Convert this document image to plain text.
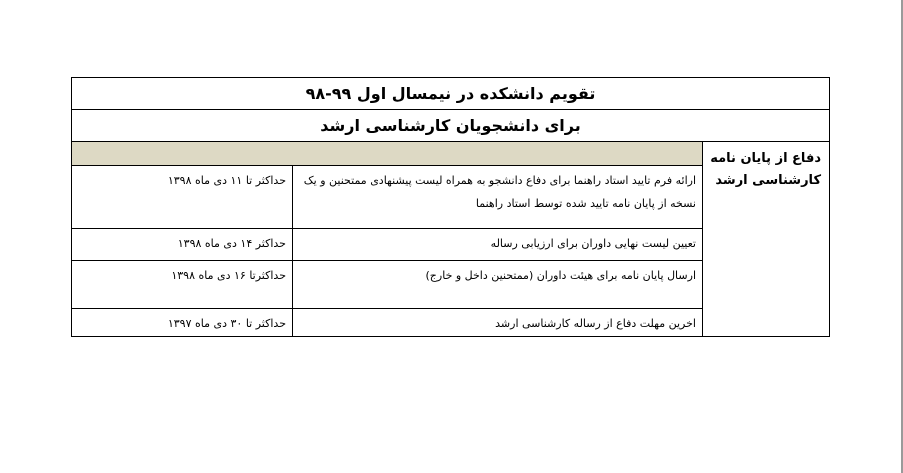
تقویم دانشکده در نیمسال اول ۹۹-۹۸		
برای دانشجویان کارشناسی ارشد		
دفاع از پایان نامه کارشناسی ارشد		
	ارائه فرم تایید استاد راهنما برای دفاع دانشجو به همراه لیست پیشنهادی ممتحنین و یک نسخه از پایان نامه تایید شده توسط استاد راهنما	حداکثر تا ۱۱ دی ماه ۱۳۹۸
	تعیین لیست نهایی داوران برای ارزیابی رساله	حداکثر ۱۴ دی ماه ۱۳۹۸
	ارسال پایان نامه برای هیئت داوران (ممتحنین داخل و خارج)	حداکثرتا ۱۶ دی ماه ۱۳۹۸
	اخرین مهلت دفاع از رساله کارشناسی ارشد	حداکثر تا ۳۰ دی ماه ۱۳۹۷
